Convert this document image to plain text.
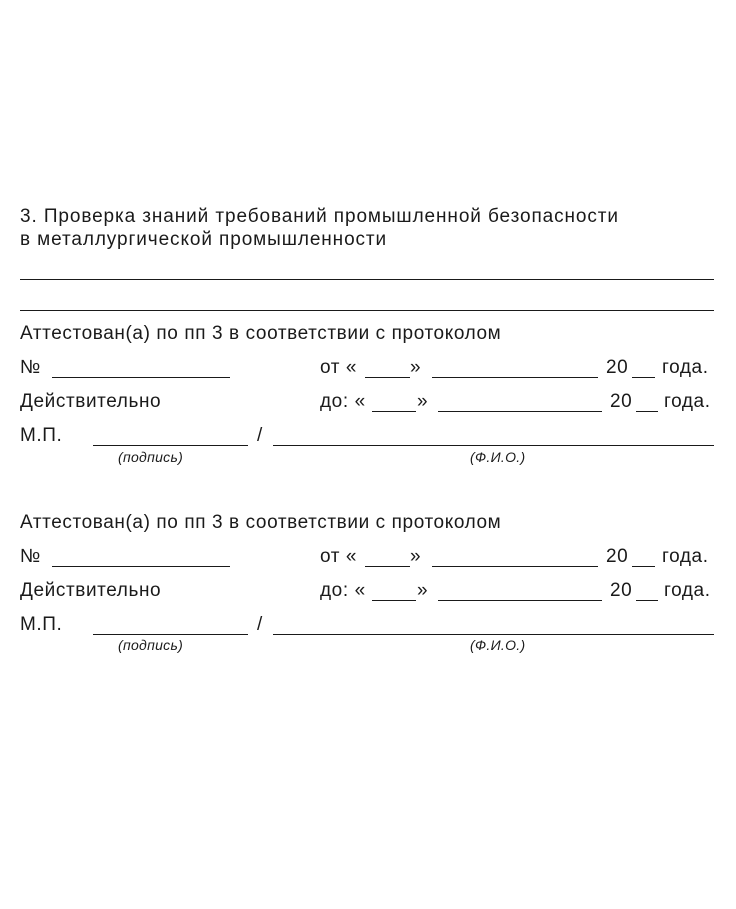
3. Проверка знаний требований промышленной безопасности
в металлургической промышленности
Аттестован(а) по пп 3 в соответствии с протоколом
№	от «	»	20 года.
Действительно	до: «	»	20 года.
М.П.	/
(подпись)	(Ф.И.О.)
Аттестован(а) по пп 3 в соответствии с протоколом
№	от «	»	20 года.
Действительно	до: «	»	20 года.
М.П.	/
(подпись)	(Ф.И.О.)
